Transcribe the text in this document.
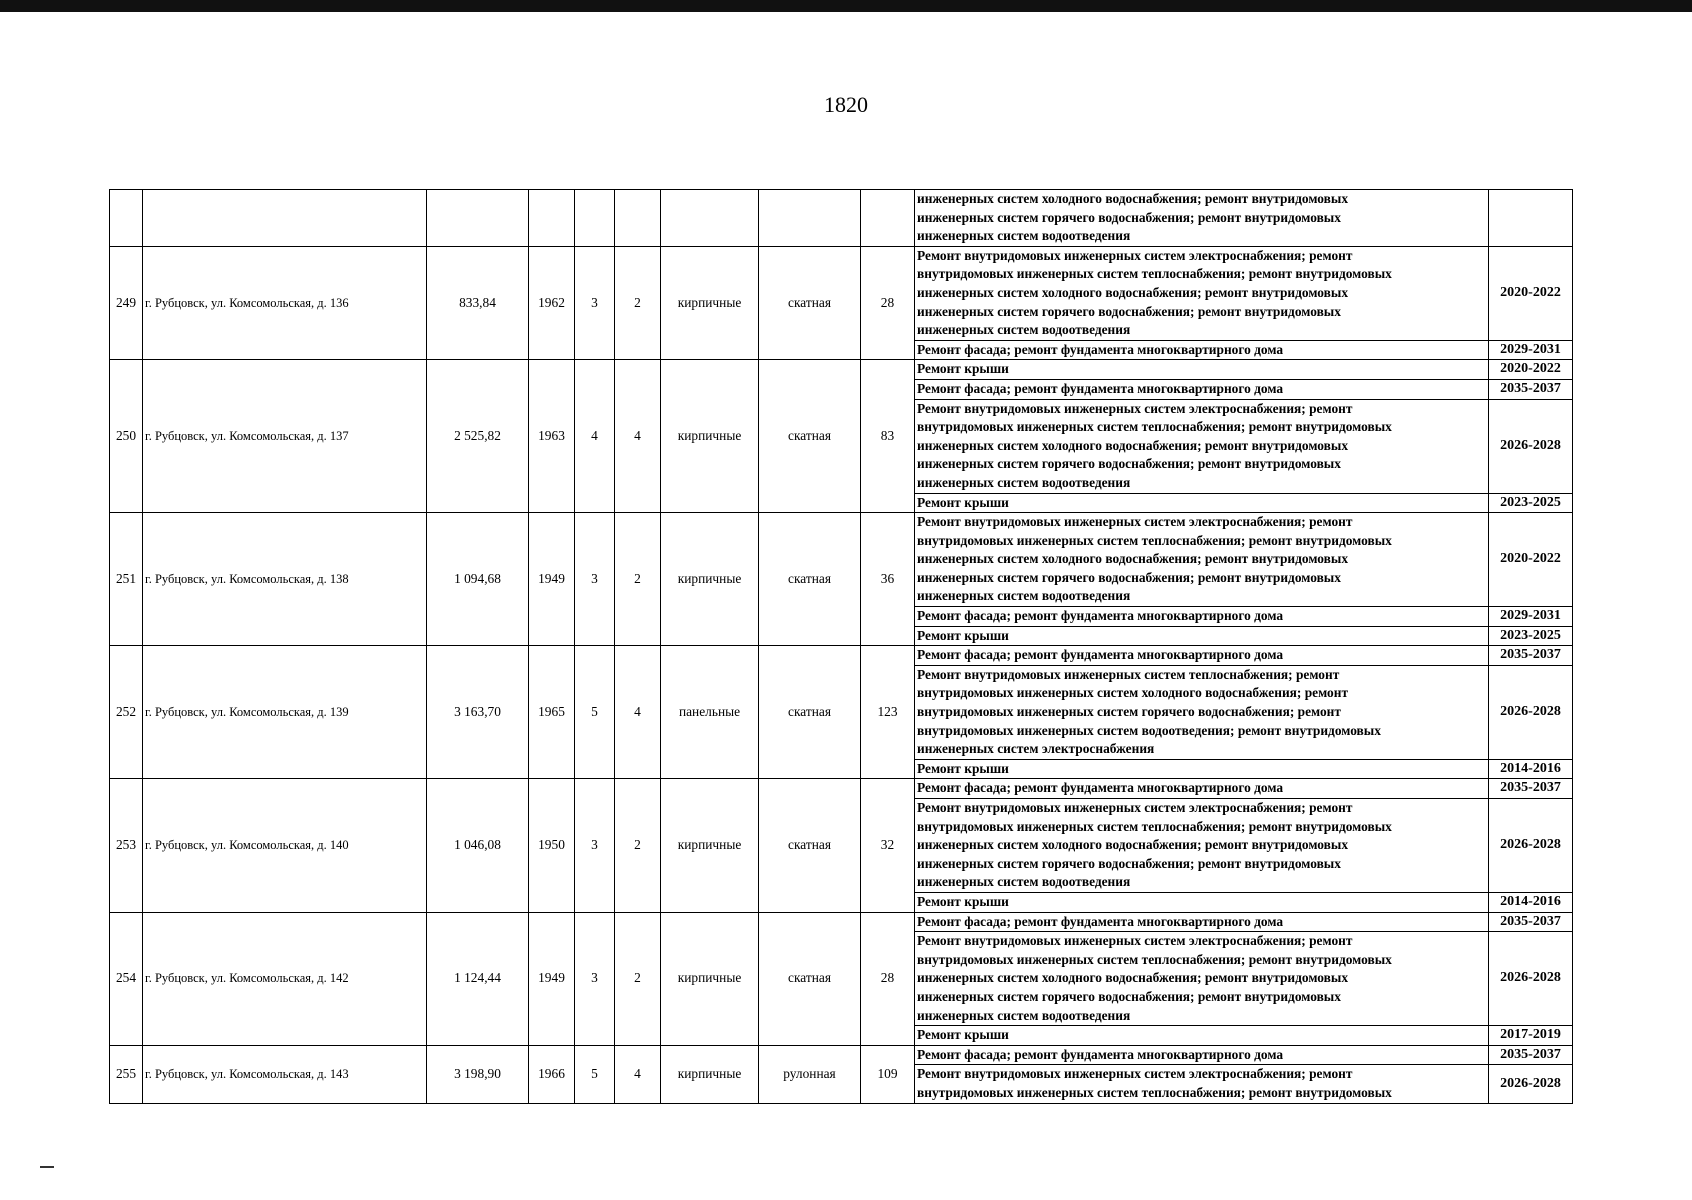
1820

									инженерных систем холодного водоснабжения; ремонт внутридомовых
инженерных систем горячего водоснабжения; ремонт внутридомовых
инженерных систем водоотведения	

249	г. Рубцовск, ул. Комсомольская, д. 136	833,84	1962	3	2	кирпичные	скатная	28	Ремонт внутридомовых инженерных систем электроснабжения; ремонт
внутридомовых инженерных систем теплоснабжения; ремонт внутридомовых
инженерных систем холодного водоснабжения; ремонт внутридомовых
инженерных систем горячего водоснабжения; ремонт внутридомовых
инженерных систем водоотведения	2020-2022

									Ремонт фасада; ремонт фундамента многоквартирного дома	2029-2031
250	г. Рубцовск, ул. Комсомольская, д. 137	2 525,82	1963	4	4	кирпичные	скатная	83	Ремонт крыши	2020-2022

									Ремонт фасада; ремонт фундамента многоквартирного дома	2035-2037

									Ремонт внутридомовых инженерных систем электроснабжения; ремонт
внутридомовых инженерных систем теплоснабжения; ремонт внутридомовых
инженерных систем холодного водоснабжения; ремонт внутридомовых
инженерных систем горячего водоснабжения; ремонт внутридомовых
инженерных систем водоотведения	2026-2028

									Ремонт крыши	2023-2025
251	г. Рубцовск, ул. Комсомольская, д. 138	1 094,68	1949	3	2	кирпичные	скатная	36	Ремонт внутридомовых инженерных систем электроснабжения; ремонт
внутридомовых инженерных систем теплоснабжения; ремонт внутридомовых
инженерных систем холодного водоснабжения; ремонт внутридомовых
инженерных систем горячего водоснабжения; ремонт внутридомовых
инженерных систем водоотведения	2020-2022

									Ремонт фасада; ремонт фундамента многоквартирного дома	2029-2031

									Ремонт крыши	2023-2025
252	г. Рубцовск, ул. Комсомольская, д. 139	3 163,70	1965	5	4	панельные	скатная	123	Ремонт фасада; ремонт фундамента многоквартирного дома	2035-2037

									Ремонт внутридомовых инженерных систем теплоснабжения; ремонт
внутридомовых инженерных систем холодного водоснабжения; ремонт
внутридомовых инженерных систем горячего водоснабжения; ремонт
внутридомовых инженерных систем водоотведения; ремонт внутридомовых
инженерных систем электроснабжения	2026-2028

									Ремонт крыши	2014-2016
253	г. Рубцовск, ул. Комсомольская, д. 140	1 046,08	1950	3	2	кирпичные	скатная	32	Ремонт фасада; ремонт фундамента многоквартирного дома	2035-2037

									Ремонт внутридомовых инженерных систем электроснабжения; ремонт
внутридомовых инженерных систем теплоснабжения; ремонт внутридомовых
инженерных систем холодного водоснабжения; ремонт внутридомовых
инженерных систем горячего водоснабжения; ремонт внутридомовых
инженерных систем водоотведения	2026-2028

									Ремонт крыши	2014-2016
254	г. Рубцовск, ул. Комсомольская, д. 142	1 124,44	1949	3	2	кирпичные	скатная	28	Ремонт фасада; ремонт фундамента многоквартирного дома	2035-2037

									Ремонт внутридомовых инженерных систем электроснабжения; ремонт
внутридомовых инженерных систем теплоснабжения; ремонт внутридомовых
инженерных систем холодного водоснабжения; ремонт внутридомовых
инженерных систем горячего водоснабжения; ремонт внутридомовых
инженерных систем водоотведения	2026-2028

									Ремонт крыши	2017-2019
255	г. Рубцовск, ул. Комсомольская, д. 143	3 198,90	1966	5	4	кирпичные	рулонная	109	Ремонт фасада; ремонт фундамента многоквартирного дома	2035-2037

									Ремонт внутридомовых инженерных систем электроснабжения; ремонт
внутридомовых инженерных систем теплоснабжения; ремонт внутридомовых	2026-2028
